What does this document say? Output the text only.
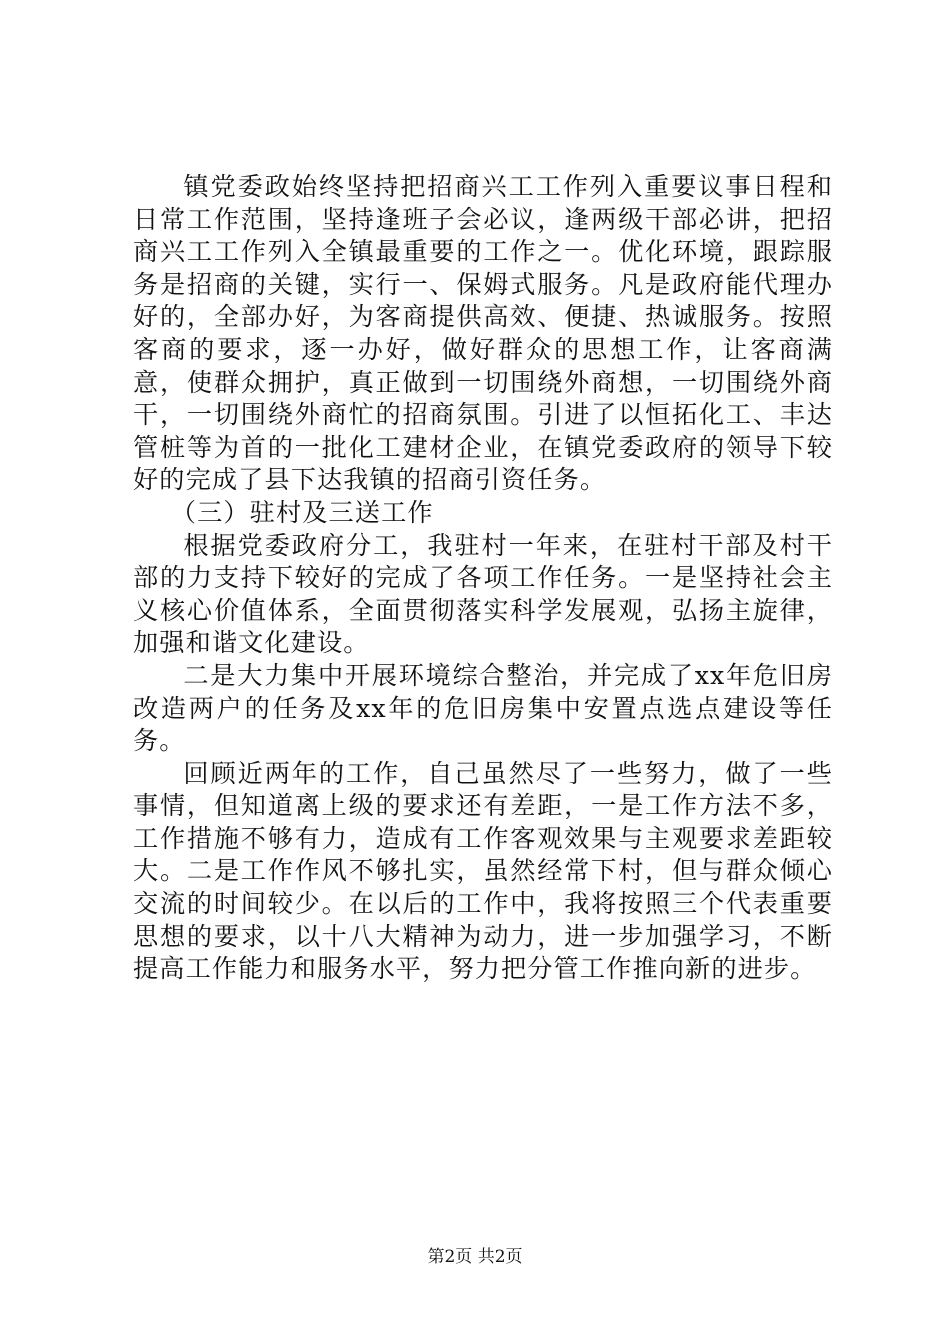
镇党委政始终坚持把招商兴工工作列入重要议事日程和日常工作范围，坚持逢班子会必议，逢两级干部必讲，把招商兴工工作列入全镇最重要的工作之一。优化环境，跟踪服务是招商的关键，实行一、保姆式服务。凡是政府能代理办好的，全部办好，为客商提供高效、便捷、热诚服务。按照客商的要求，逐一办好，做好群众的思想工作，让客商满意，使群众拥护，真正做到一切围绕外商想，一切围绕外商干，一切围绕外商忙的招商氛围。引进了以恒拓化工、丰达管桩等为首的一批化工建材企业，在镇党委政府的领导下较好的完成了县下达我镇的招商引资任务。

（三）驻村及三送工作

根据党委政府分工，我驻村一年来，在驻村干部及村干部的力支持下较好的完成了各项工作任务。一是坚持社会主义核心价值体系，全面贯彻落实科学发展观，弘扬主旋律，加强和谐文化建设。

二是大力集中开展环境综合整治，并完成了xx年危旧房改造两户的任务及xx年的危旧房集中安置点选点建设等任务。

回顾近两年的工作，自己虽然尽了一些努力，做了一些事情，但知道离上级的要求还有差距，一是工作方法不多，工作措施不够有力，造成有工作客观效果与主观要求差距较大。二是工作作风不够扎实，虽然经常下村，但与群众倾心交流的时间较少。在以后的工作中，我将按照三个代表重要思想的要求，以十八大精神为动力，进一步加强学习，不断提高工作能力和服务水平，努力把分管工作推向新的进步。

第2页 共2页
